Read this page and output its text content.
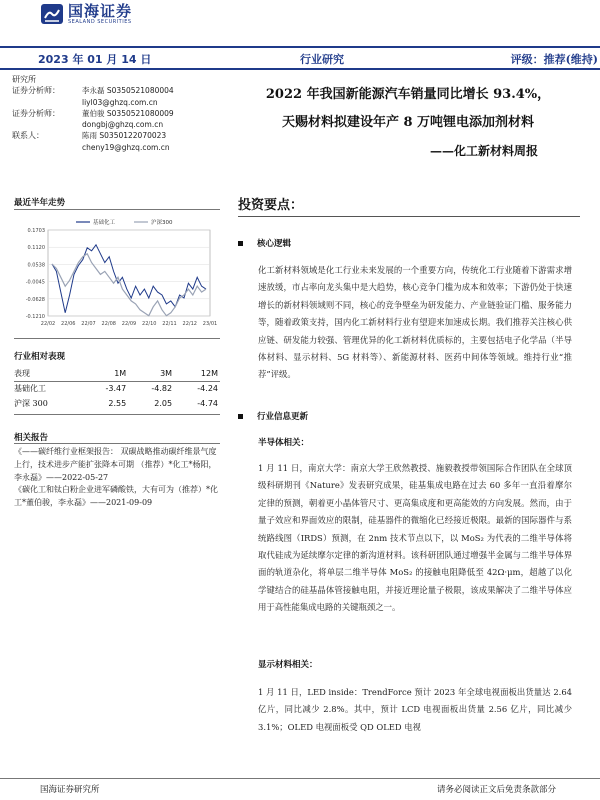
国海证券
SEALAND SECURITIES
2023 年 01 月 14 日	行业研究	评级：推荐(维持)
研究所
证券分析师：	李永磊 S0350521080004
liyl03@ghzq.com.cn
证券分析师：	董伯骏 S0350521080009
dongbj@ghzq.com.cn
联系人：	陈雨 S0350122070023
cheny19@ghzq.com.cn
2022 年我国新能源汽车销量同比增长 93.4%，
天赐材料拟建设年产 8 万吨锂电添加剂材料
——化工新材料周报
最近半年走势
0.1703
0.1120
0.0538
-0.0045
-0.0628
-0.1210
22/02 22/06 22/07 22/08 22/09 22/10 22/11 22/12 23/01
基础化工	沪深300
行业相对表现
表现	1M	3M	12M
基础化工	-3.47	-4.82	-4.24
沪深 300	2.55	2.05	-4.74
相关报告
《——碳纤维行业框架报告： 双碳战略推动碳纤维景气度上行，技术进步产能扩张降本可期 （推荐）*化工*杨阳，李永磊》——2022-05-27
《碳化工和钛白粉企业进军磷酸铁，大有可为（推荐）*化工*董伯骏，李永磊》——2021-09-09
投资要点：
核心逻辑
化工新材料领域是化工行业未来发展的一个重要方向，传统化工行业随着下游需求增速放缓，市占率向龙头集中是大趋势，核心竞争门槛为成本和效率；下游仍处于快速增长的新材料领域则不同，核心的竞争壁垒为研发能力、产业链验证门槛、服务能力等，随着政策支持，国内化工新材料行业有望迎来加速成长期。我们推荐关注核心供应链、研发能力较强、管理优异的化工新材料优质标的，主要包括电子化学品（半导体材料、显示材料、5G 材料等）、新能源材料、医药中间体等领域。维持行业“推荐”评级。
行业信息更新
半导体相关：
1 月 11 日，南京大学：南京大学王欣然教授、施毅教授带领国际合作团队在全球顶级科研期刊《Nature》发表研究成果，硅基集成电路在过去 60 多年一直沿着摩尔定律的预测，朝着更小晶体管尺寸、更高集成度和更高能效的方向发展。然而，由于量子效应和界面效应的限制，硅基器件的微缩化已经接近极限。最新的国际器件与系统路线图（IRDS）预测，在 2nm 技术节点以下，以 MoS₂ 为代表的二维半导体将取代硅成为延续摩尔定律的新沟道材料。该科研团队通过增强半金属与二维半导体界面的轨道杂化，将单层二维半导体 MoS₂ 的接触电阻降低至 42Ω·μm，超越了以化学键结合的硅基晶体管接触电阻，并接近理论量子极限，该成果解决了二维半导体应用于高性能集成电路的关键瓶颈之一。
显示材料相关：
1 月 11 日，LED inside：TrendForce 预计 2023 年全球电视面板出货量达 2.64 亿片，同比减少 2.8%。其中，预计 LCD 电视面板出货量 2.56 亿片，同比减少 3.1%；OLED 电视面板受 QD OLED 电视
国海证券研究所	请务必阅读正文后免责条款部分
